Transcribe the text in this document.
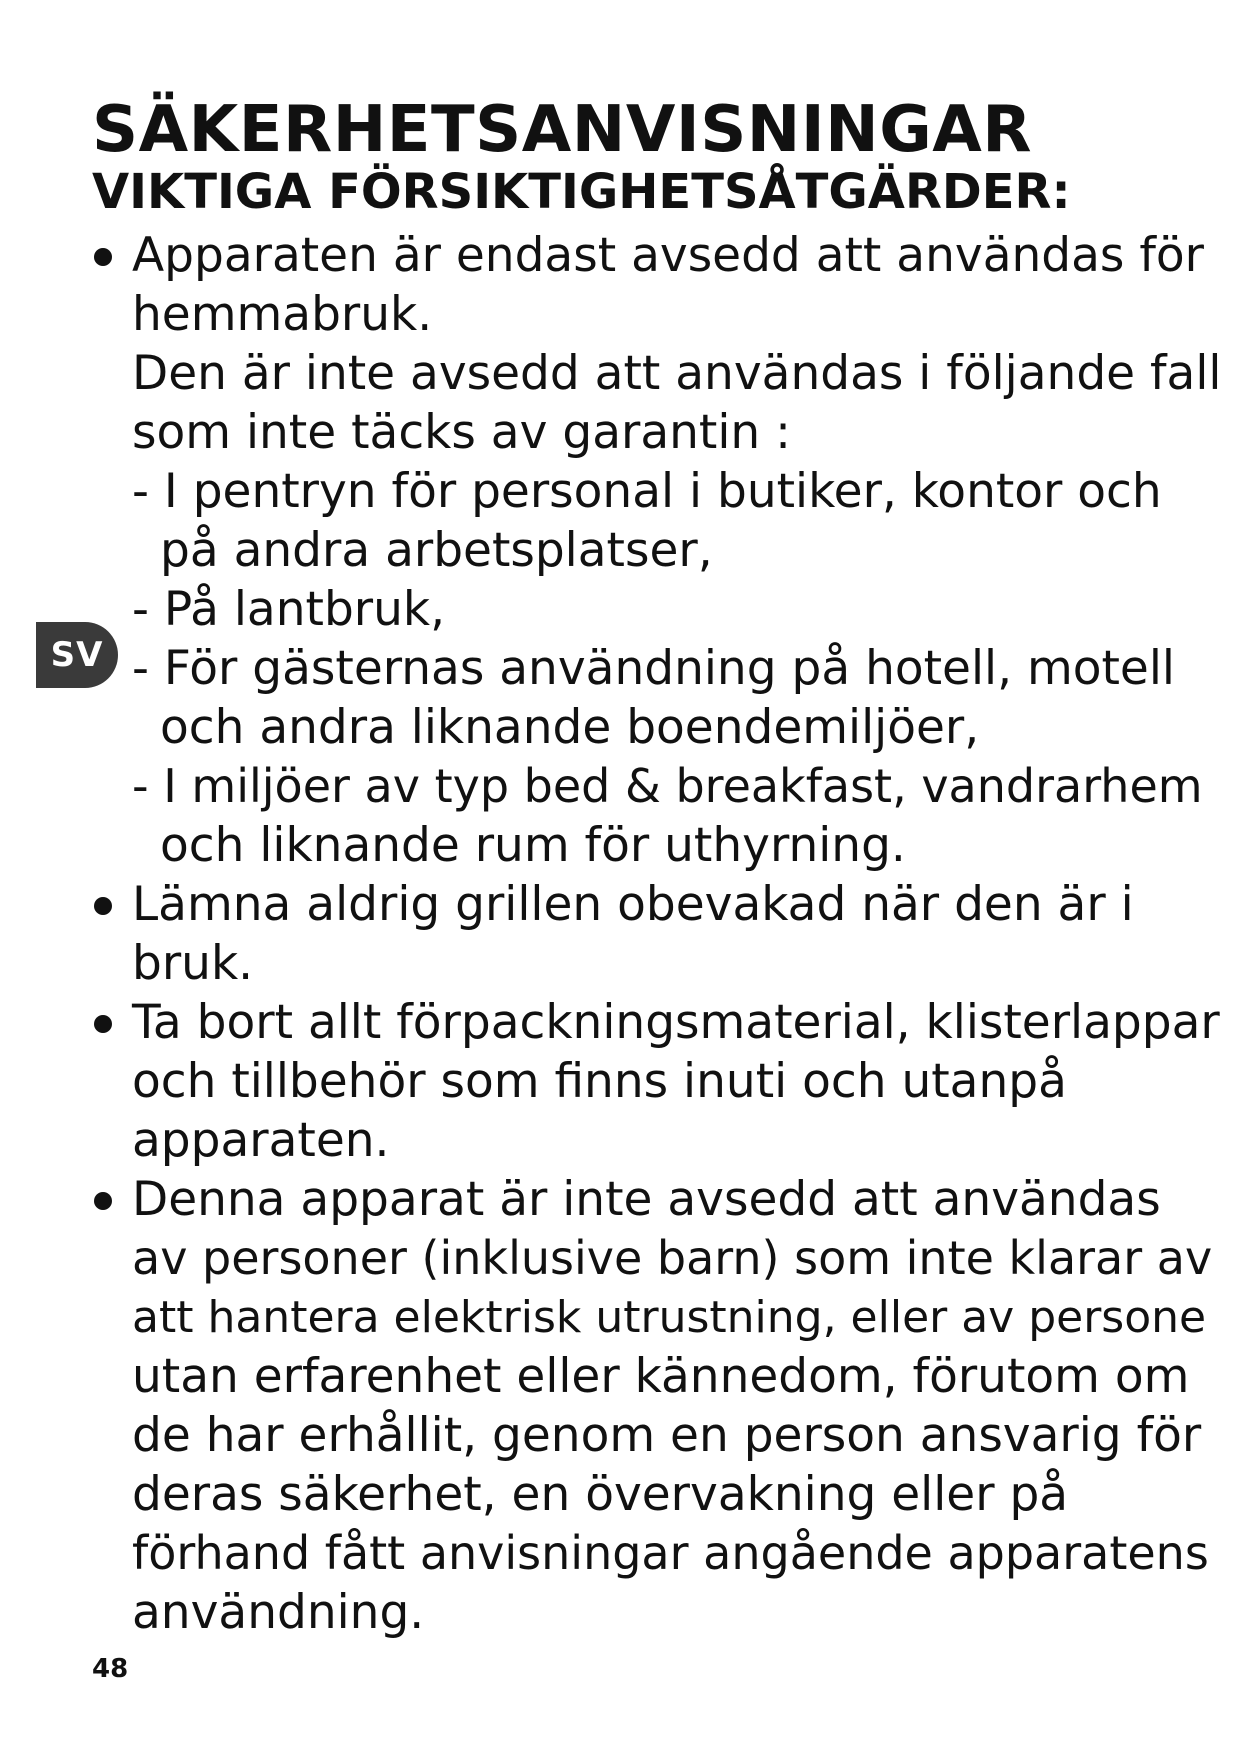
SÄKERHETSANVISNINGAR
VIKTIGA FÖRSIKTIGHETSÅTGÄRDER:
Apparaten är endast avsedd att användas för
hemmabruk.
Den är inte avsedd att användas i följande fall
som inte täcks av garantin :
- I pentryn för personal i butiker, kontor och
på andra arbetsplatser,
- På lantbruk,
- För gästernas användning på hotell, motell
och andra liknande boendemiljöer,
- I miljöer av typ bed & breakfast, vandrarhem
och liknande rum för uthyrning.
Lämna aldrig grillen obevakad när den är i
bruk.
Ta bort allt förpackningsmaterial, klisterlappar
och tillbehör som finns inuti och utanpå
apparaten.
Denna apparat är inte avsedd att användas
av personer (inklusive barn) som inte klarar av
att hantera elektrisk utrustning, eller av persone
utan erfarenhet eller kännedom, förutom om
de har erhållit, genom en person ansvarig för
deras säkerhet, en övervakning eller på
förhand fått anvisningar angående apparatens
användning.
SV
48
